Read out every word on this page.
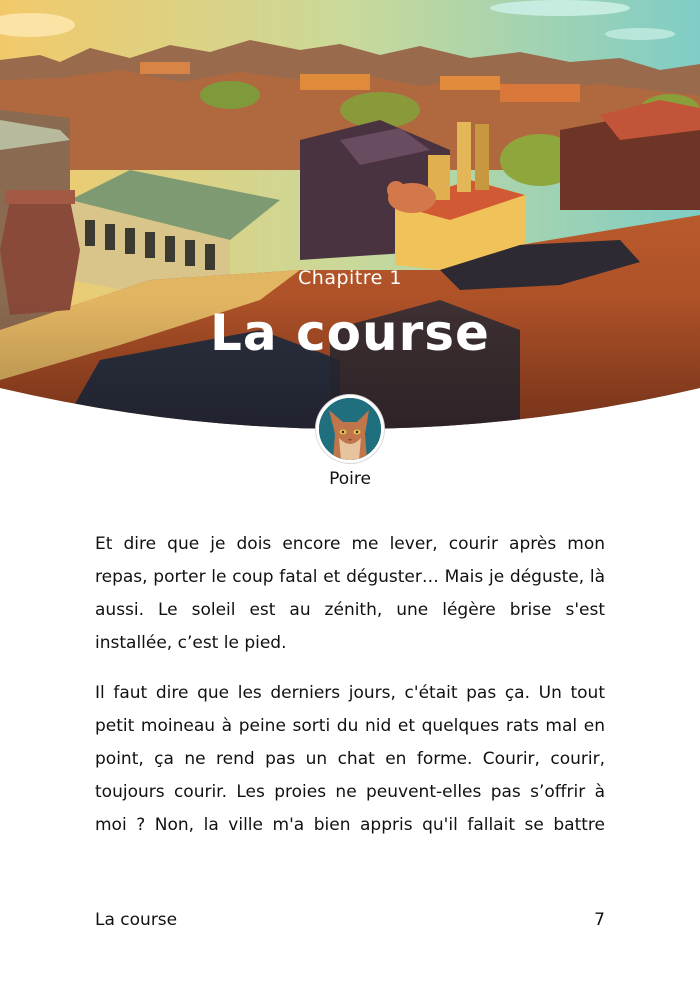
Chapitre 1
La course
Poire

Et dire que je dois encore me lever, courir après mon repas, porter le coup fatal et déguster… Mais je déguste, là aussi. Le soleil est au zénith, une légère brise s'est installée, c’est le pied.

Il faut dire que les derniers jours, c'était pas ça. Un tout petit moineau à peine sorti du nid et quelques rats mal en point, ça ne rend pas un chat en forme. Courir, courir, toujours courir. Les proies ne peuvent-elles pas s’offrir à moi ? Non, la ville m'a bien appris qu'il fallait se battre

La course	7
